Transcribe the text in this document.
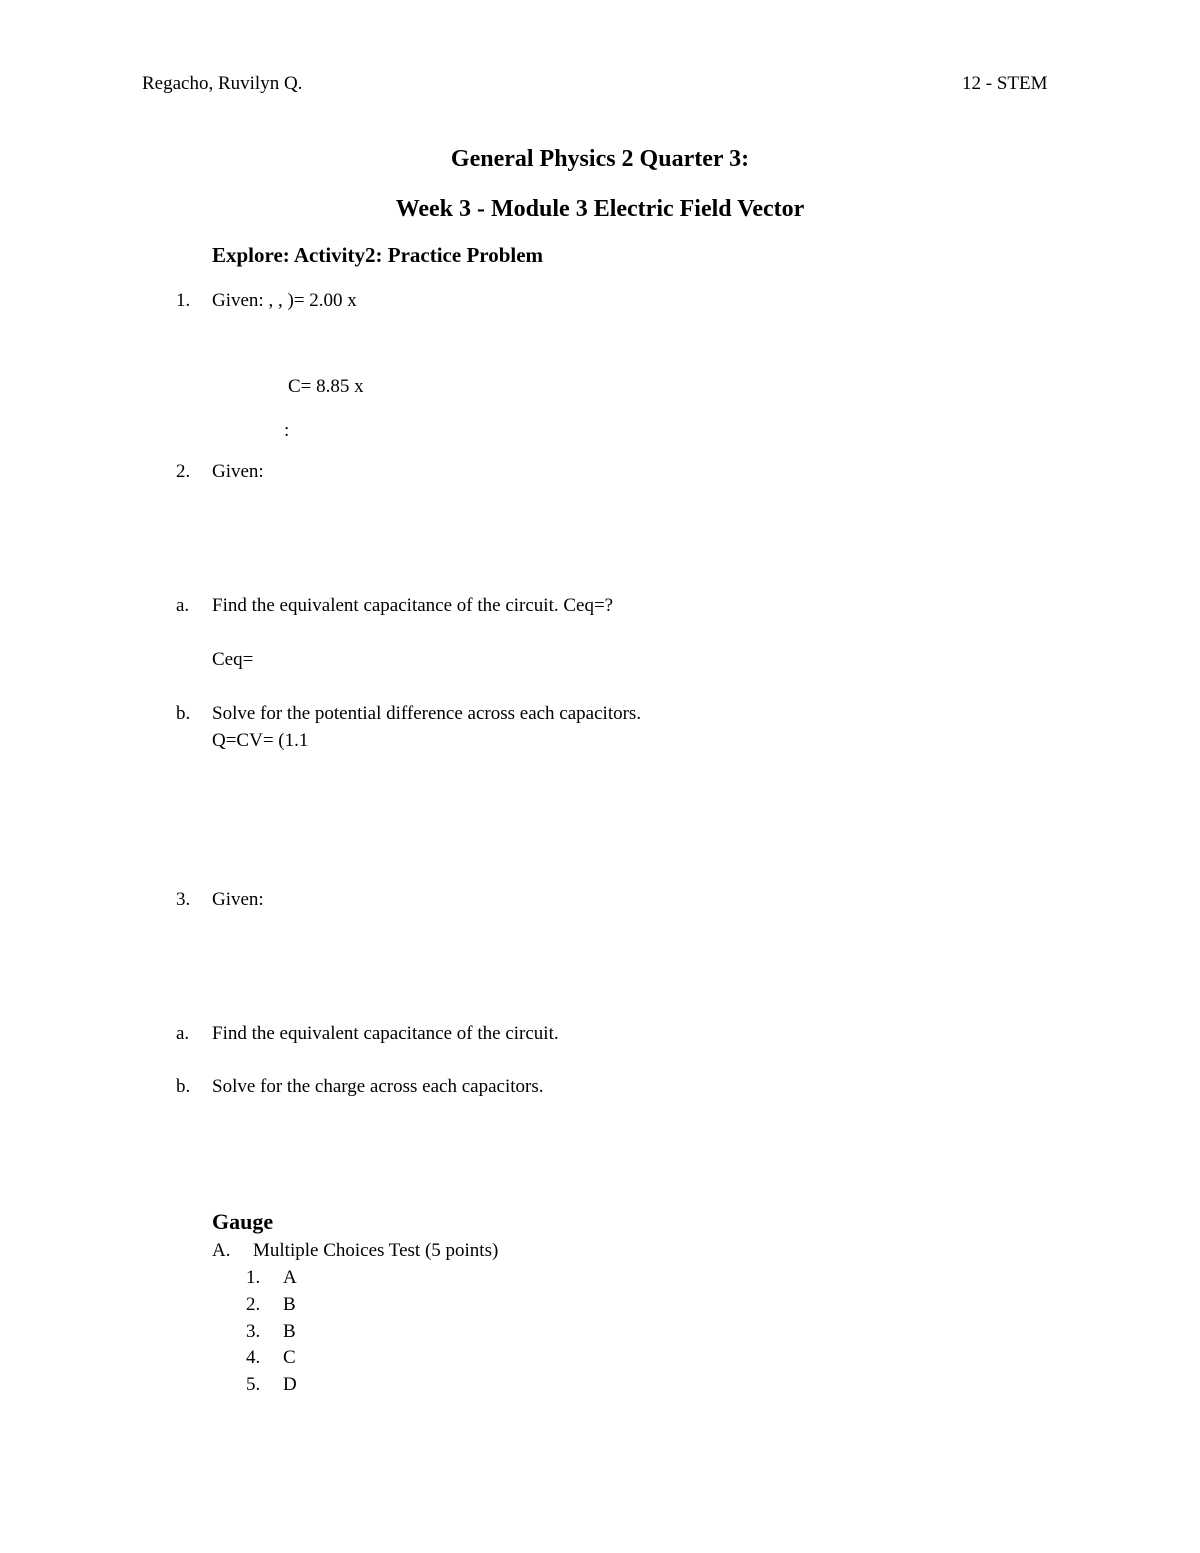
Regacho, Ruvilyn Q.	12 - STEM
General Physics 2 Quarter 3:
Week 3 - Module 3 Electric Field Vector
Explore: Activity2: Practice Problem
1. Given: , , )= 2.00 x
C= 8.85 x
:
2. Given:
a. Find the equivalent capacitance of the circuit. Ceq=?
Ceq=
b. Solve for the potential difference across each capacitors.
Q=CV= (1.1
3. Given:
a. Find the equivalent capacitance of the circuit.
b. Solve for the charge across each capacitors.
Gauge
A. Multiple Choices Test (5 points)
1. A
2. B
3. B
4. C
5. D
